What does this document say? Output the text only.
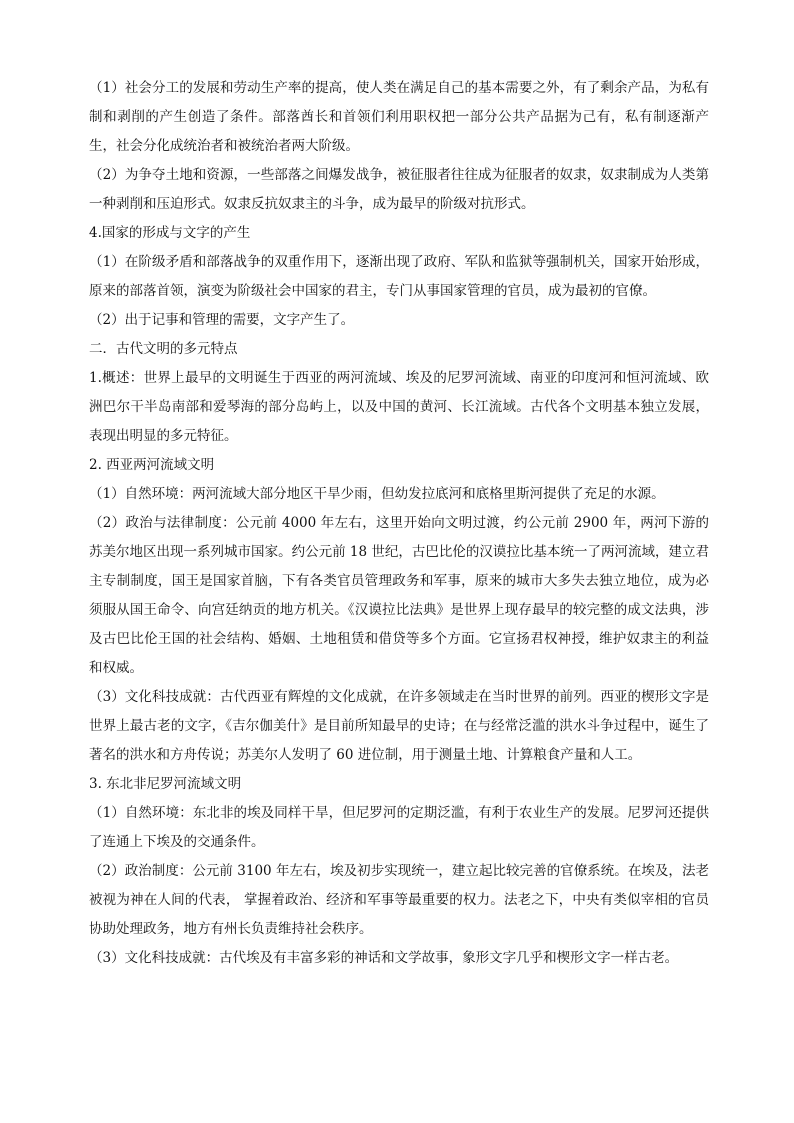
（1）社会分工的发展和劳动生产率的提高，使人类在满足自己的基本需要之外，有了剩余产品，为私有制和剥削的产生创造了条件。部落酋长和首领们利用职权把一部分公共产品据为己有，私有制逐渐产生，社会分化成统治者和被统治者两大阶级。

（2）为争夺土地和资源，一些部落之间爆发战争，被征服者往往成为征服者的奴隶，奴隶制成为人类第一种剥削和压迫形式。奴隶反抗奴隶主的斗争，成为最早的阶级对抗形式。

4.国家的形成与文字的产生

（1）在阶级矛盾和部落战争的双重作用下，逐渐出现了政府、军队和监狱等强制机关，国家开始形成，原来的部落首领，演变为阶级社会中国家的君主，专门从事国家管理的官员，成为最初的官僚。

（2）出于记事和管理的需要，文字产生了。

二．古代文明的多元特点

1.概述：世界上最早的文明诞生于西亚的两河流域、埃及的尼罗河流域、南亚的印度河和恒河流域、欧洲巴尔干半岛南部和爱琴海的部分岛屿上，以及中国的黄河、长江流域。古代各个文明基本独立发展，表现出明显的多元特征。

2. 西亚两河流域文明

（1）自然环境：两河流域大部分地区干旱少雨，但幼发拉底河和底格里斯河提供了充足的水源。

（2）政治与法律制度：公元前 4000 年左右，这里开始向文明过渡，约公元前 2900 年，两河下游的苏美尔地区出现一系列城市国家。约公元前 18 世纪，古巴比伦的汉谟拉比基本统一了两河流域，建立君主专制制度，国王是国家首脑，下有各类官员管理政务和军事，原来的城市大多失去独立地位，成为必须服从国王命令、向宫廷纳贡的地方机关。《汉谟拉比法典》是世界上现存最早的较完整的成文法典，涉及古巴比伦王国的社会结构、婚姻、土地租赁和借贷等多个方面。它宣扬君权神授，维护奴隶主的利益和权威。

（3）文化科技成就：古代西亚有辉煌的文化成就，在许多领域走在当时世界的前列。西亚的楔形文字是世界上最古老的文字，《吉尔伽美什》是目前所知最早的史诗；在与经常泛滥的洪水斗争过程中，诞生了著名的洪水和方舟传说；苏美尔人发明了 60 进位制，用于测量土地、计算粮食产量和人工。

3. 东北非尼罗河流域文明

（1）自然环境：东北非的埃及同样干旱，但尼罗河的定期泛滥，有利于农业生产的发展。尼罗河还提供了连通上下埃及的交通条件。

（2）政治制度：公元前 3100 年左右，埃及初步实现统一，建立起比较完善的官僚系统。在埃及，法老被视为神在人间的代表， 掌握着政治、经济和军事等最重要的权力。法老之下，中央有类似宰相的官员协助处理政务，地方有州长负责维持社会秩序。

（3）文化科技成就：古代埃及有丰富多彩的神话和文学故事，象形文字几乎和楔形文字一样古老。
